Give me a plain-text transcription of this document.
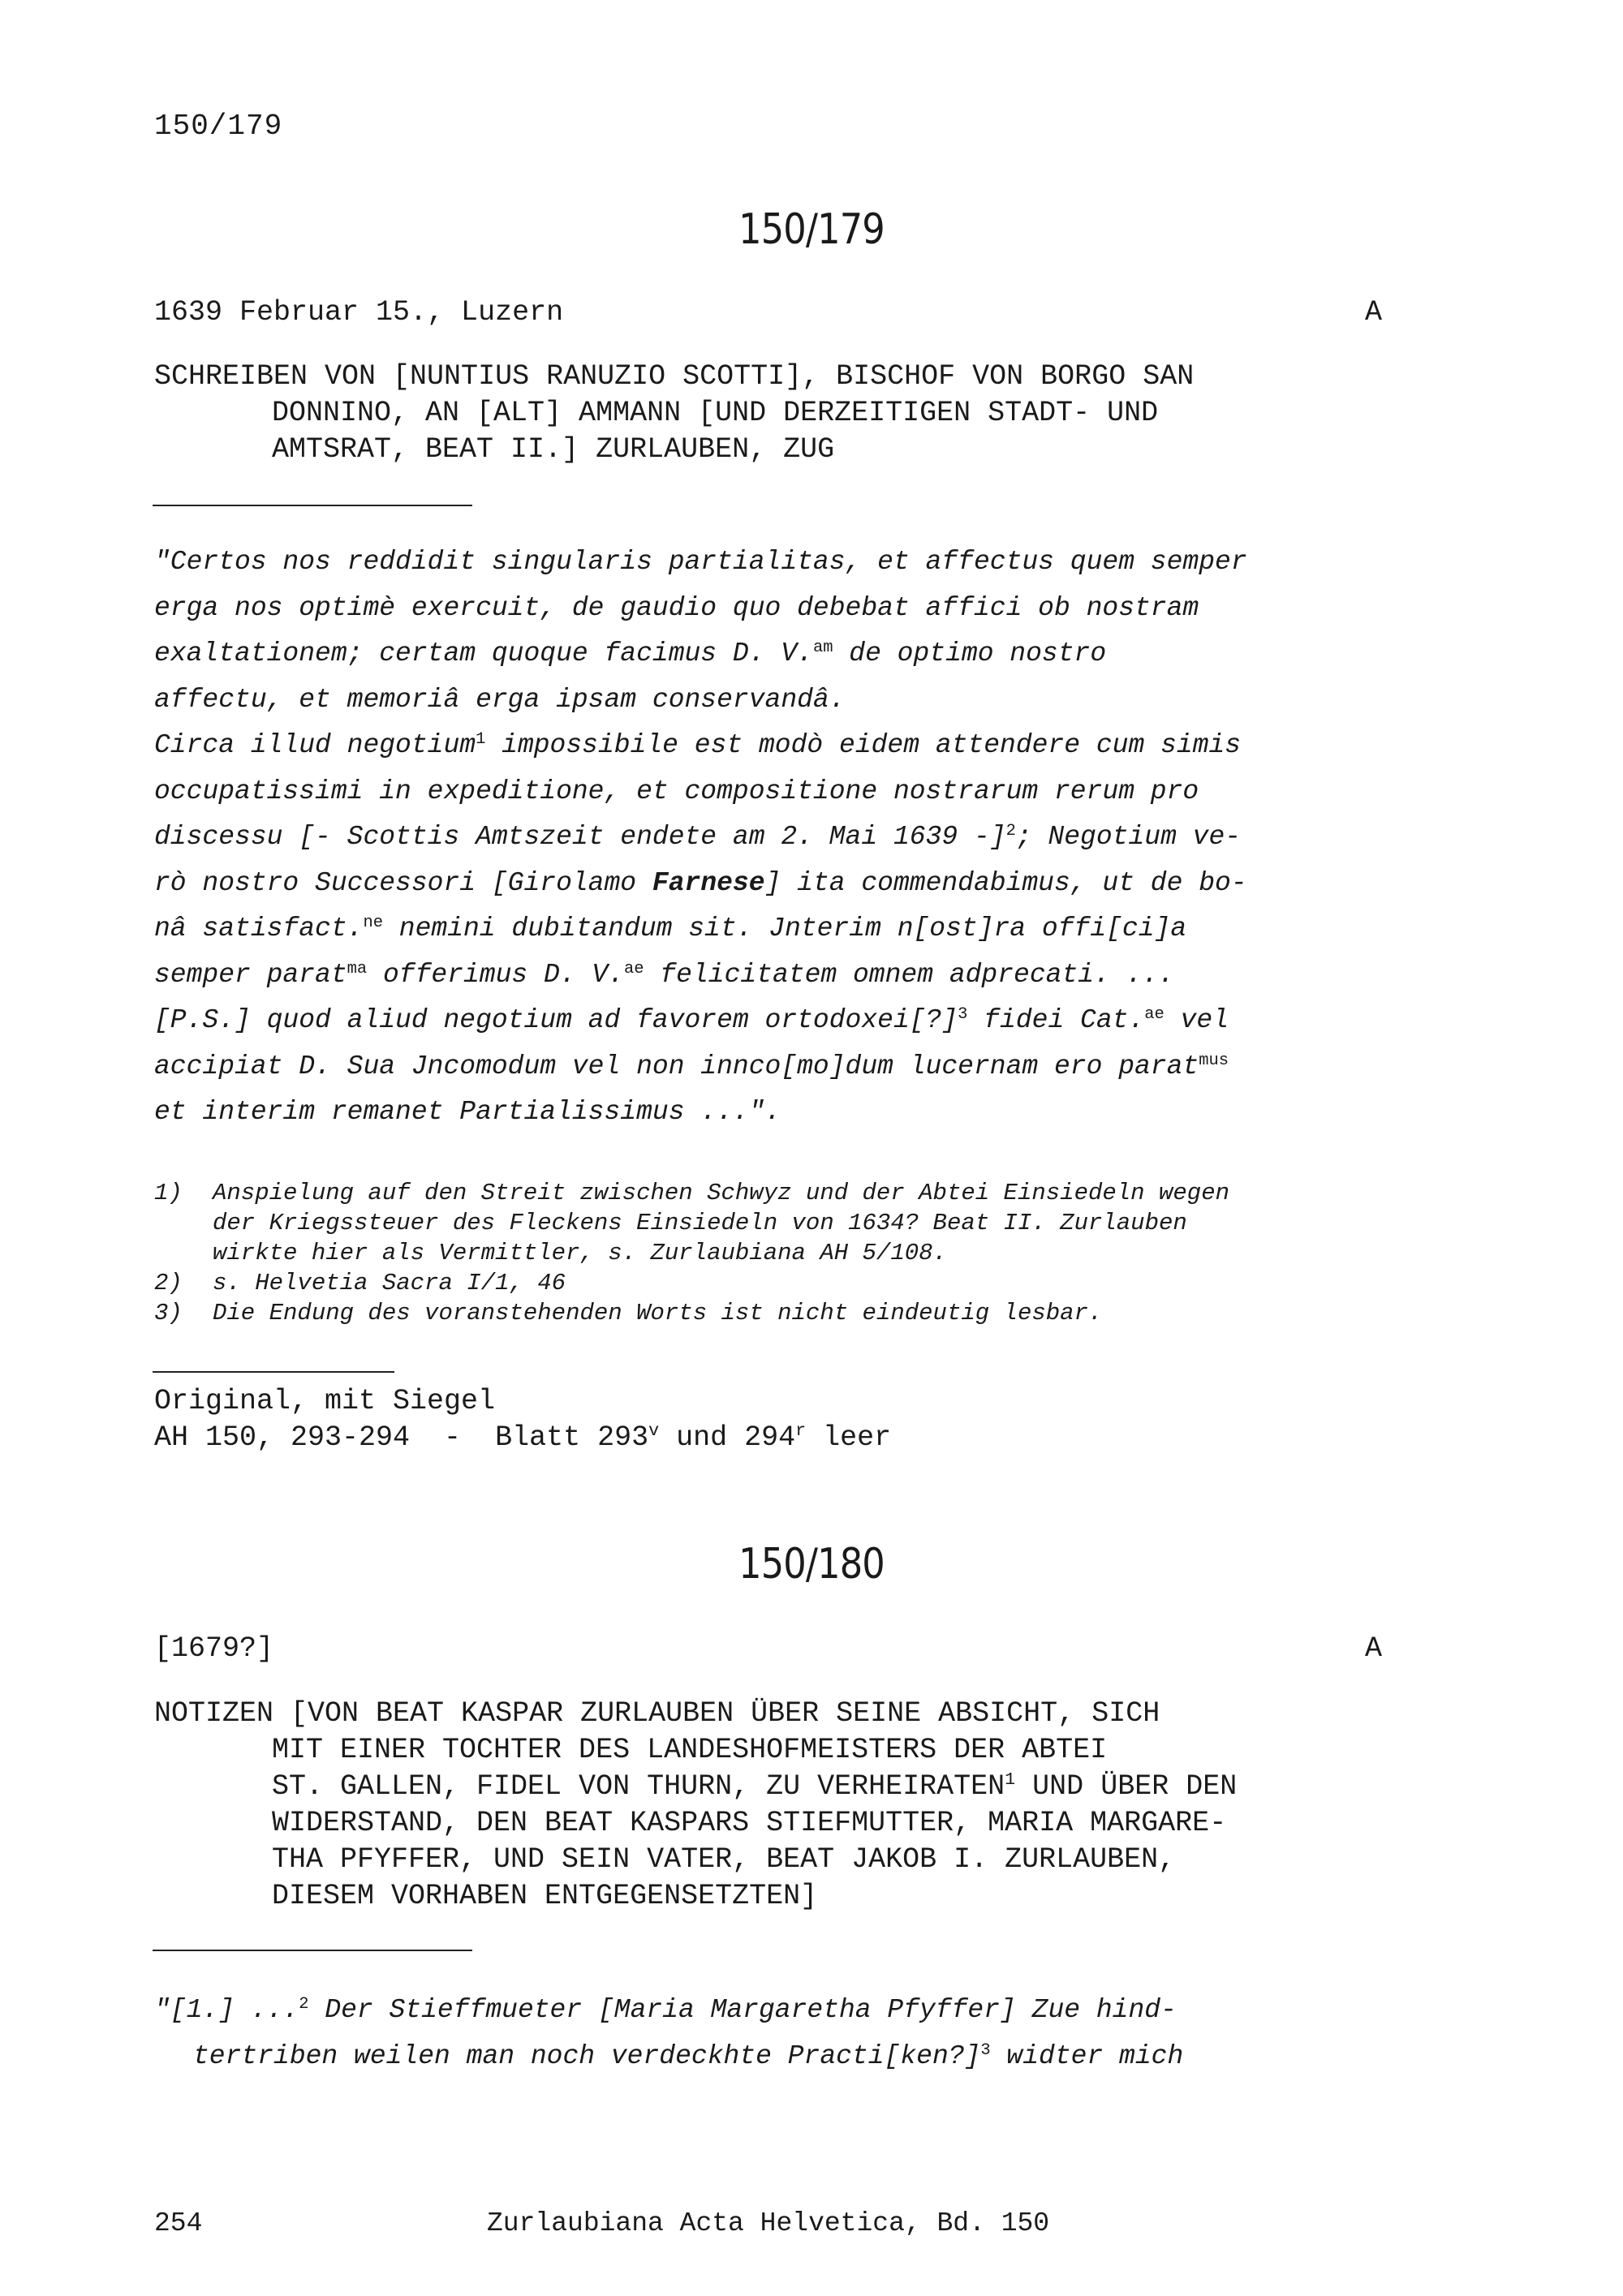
150/179
150/179
1639 Februar 15., Luzern	A
SCHREIBEN VON [NUNTIUS RANUZIO SCOTTI], BISCHOF VON BORGO SAN
DONNINO, AN [ALT] AMMANN [UND DERZEITIGEN STADT- UND
AMTSRAT, BEAT II.] ZURLAUBEN, ZUG
"Certos nos reddidit singularis partialitas, et affectus quem semper
erga nos optimè exercuit, de gaudio quo debebat affici ob nostram
exaltationem; certam quoque facimus D. V.$^{am}$ de optimo nostro
affectu, et memoriâ erga ipsam conservandâ.
Circa illud negotium$^1$ impossibile est modò eidem attendere cum simis
occupatissimi in expeditione, et compositione nostrarum rerum pro
discessu [- Scottis Amtszeit endete am 2. Mai 1639 -]$^2$; Negotium ve-
rò nostro Successori [Girolamo Farnese] ita commendabimus, ut de bo-
nâ satisfact.$^{ne}$ nemini dubitandum sit. Jnterim n[ost]ra offi[ci]a
semper parat$^{ma}$ offerimus D. V.$^{ae}$ felicitatem omnem adprecati. ...
[P.S.] quod aliud negotium ad favorem ortodoxei[?]$^3$ fidei Cat.$^{ae}$ vel
accipiat D. Sua Jncomodum vel non innco[mo]dum lucernam ero parat$^{mus}$
et interim remanet Partialissimus ...".
1)	Anspielung auf den Streit zwischen Schwyz und der Abtei Einsiedeln wegen
der Kriegssteuer des Fleckens Einsiedeln von 1634? Beat II. Zurlauben
wirkte hier als Vermittler, s. Zurlaubiana AH 5/108.
2)	s. Helvetia Sacra I/1, 46
3)	Die Endung des voranstehenden Worts ist nicht eindeutig lesbar.
Original, mit Siegel
AH 150, 293-294  -  Blatt 293$^v$ und 294$^r$ leer
150/180
[1679?]	A
NOTIZEN [VON BEAT KASPAR ZURLAUBEN ÜBER SEINE ABSICHT, SICH
MIT EINER TOCHTER DES LANDESHOFMEISTERS DER ABTEI
ST. GALLEN, FIDEL VON THURN, ZU VERHEIRATEN$^1$ UND ÜBER DEN
WIDERSTAND, DEN BEAT KASPARS STIEFMUTTER, MARIA MARGARE-
THA PFYFFER, UND SEIN VATER, BEAT JAKOB I. ZURLAUBEN,
DIESEM VORHABEN ENTGEGENSETZTEN]
"[1.] ...$^2$ Der Stieffmueter [Maria Margaretha Pfyffer] Zue hind-
tertriben weilen man noch verdeckhte Practi[ken?]$^3$ widter mich
254	Zurlaubiana Acta Helvetica, Bd. 150
